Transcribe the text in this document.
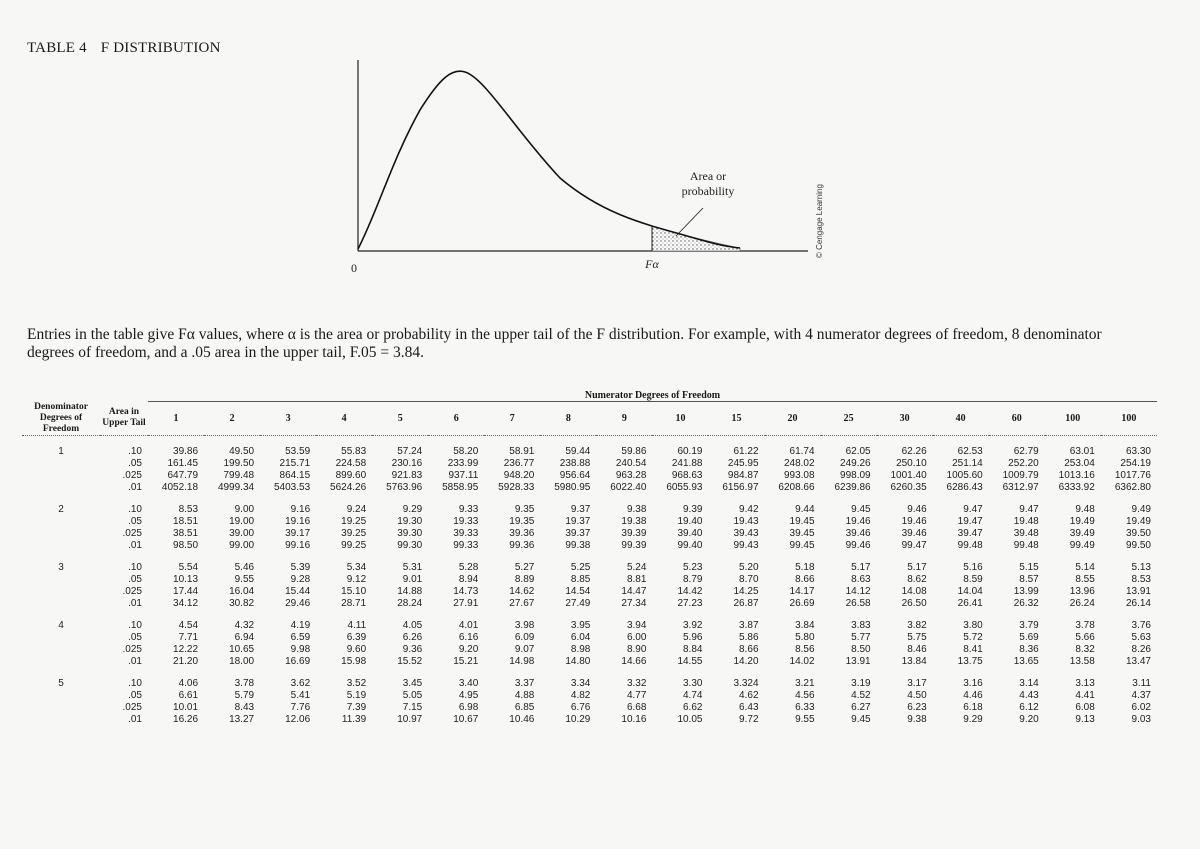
TABLE 4 F DISTRIBUTION
0
Area or
probability
Fα
© Cengage Learning
Entries in the table give Fα values, where α is the area or probability in the upper tail of the F distribution. For example, with 4 numerator degrees of freedom, 8 denominator degrees of freedom, and a .05 area in the upper tail, F.05 = 3.84.
		Numerator Degrees of Freedom																	
Denominator Degrees of Freedom	Area in Upper Tail	1	2	3	4	5	6	7	8	9	10	15	20	25	30	40	60	100	100
1	.10	39.86	49.50	53.59	55.83	57.24	58.20	58.91	59.44	59.86	60.19	61.22	61.74	62.05	62.26	62.53	62.79	63.01	63.30
	.05	161.45	199.50	215.71	224.58	230.16	233.99	236.77	238.88	240.54	241.88	245.95	248.02	249.26	250.10	251.14	252.20	253.04	254.19
	.025	647.79	799.48	864.15	899.60	921.83	937.11	948.20	956.64	963.28	968.63	984.87	993.08	998.09	1001.40	1005.60	1009.79	1013.16	1017.76
	.01	4052.18	4999.34	5403.53	5624.26	5763.96	5858.95	5928.33	5980.95	6022.40	6055.93	6156.97	6208.66	6239.86	6260.35	6286.43	6312.97	6333.92	6362.80
2	.10	8.53	9.00	9.16	9.24	9.29	9.33	9.35	9.37	9.38	9.39	9.42	9.44	9.45	9.46	9.47	9.47	9.48	9.49
	.05	18.51	19.00	19.16	19.25	19.30	19.33	19.35	19.37	19.38	19.40	19.43	19.45	19.46	19.46	19.47	19.48	19.49	19.49
	.025	38.51	39.00	39.17	39.25	39.30	39.33	39.36	39.37	39.39	39.40	39.43	39.45	39.46	39.46	39.47	39.48	39.49	39.50
	.01	98.50	99.00	99.16	99.25	99.30	99.33	99.36	99.38	99.39	99.40	99.43	99.45	99.46	99.47	99.48	99.48	99.49	99.50
3	.10	5.54	5.46	5.39	5.34	5.31	5.28	5.27	5.25	5.24	5.23	5.20	5.18	5.17	5.17	5.16	5.15	5.14	5.13
	.05	10.13	9.55	9.28	9.12	9.01	8.94	8.89	8.85	8.81	8.79	8.70	8.66	8.63	8.62	8.59	8.57	8.55	8.53
	.025	17.44	16.04	15.44	15.10	14.88	14.73	14.62	14.54	14.47	14.42	14.25	14.17	14.12	14.08	14.04	13.99	13.96	13.91
	.01	34.12	30.82	29.46	28.71	28.24	27.91	27.67	27.49	27.34	27.23	26.87	26.69	26.58	26.50	26.41	26.32	26.24	26.14
4	.10	4.54	4.32	4.19	4.11	4.05	4.01	3.98	3.95	3.94	3.92	3.87	3.84	3.83	3.82	3.80	3.79	3.78	3.76
	.05	7.71	6.94	6.59	6.39	6.26	6.16	6.09	6.04	6.00	5.96	5.86	5.80	5.77	5.75	5.72	5.69	5.66	5.63
	.025	12.22	10.65	9.98	9.60	9.36	9.20	9.07	8.98	8.90	8.84	8.66	8.56	8.50	8.46	8.41	8.36	8.32	8.26
	.01	21.20	18.00	16.69	15.98	15.52	15.21	14.98	14.80	14.66	14.55	14.20	14.02	13.91	13.84	13.75	13.65	13.58	13.47
5	.10	4.06	3.78	3.62	3.52	3.45	3.40	3.37	3.34	3.32	3.30	3.324	3.21	3.19	3.17	3.16	3.14	3.13	3.11
	.05	6.61	5.79	5.41	5.19	5.05	4.95	4.88	4.82	4.77	4.74	4.62	4.56	4.52	4.50	4.46	4.43	4.41	4.37
	.025	10.01	8.43	7.76	7.39	7.15	6.98	6.85	6.76	6.68	6.62	6.43	6.33	6.27	6.23	6.18	6.12	6.08	6.02
	.01	16.26	13.27	12.06	11.39	10.97	10.67	10.46	10.29	10.16	10.05	9.72	9.55	9.45	9.38	9.29	9.20	9.13	9.03
